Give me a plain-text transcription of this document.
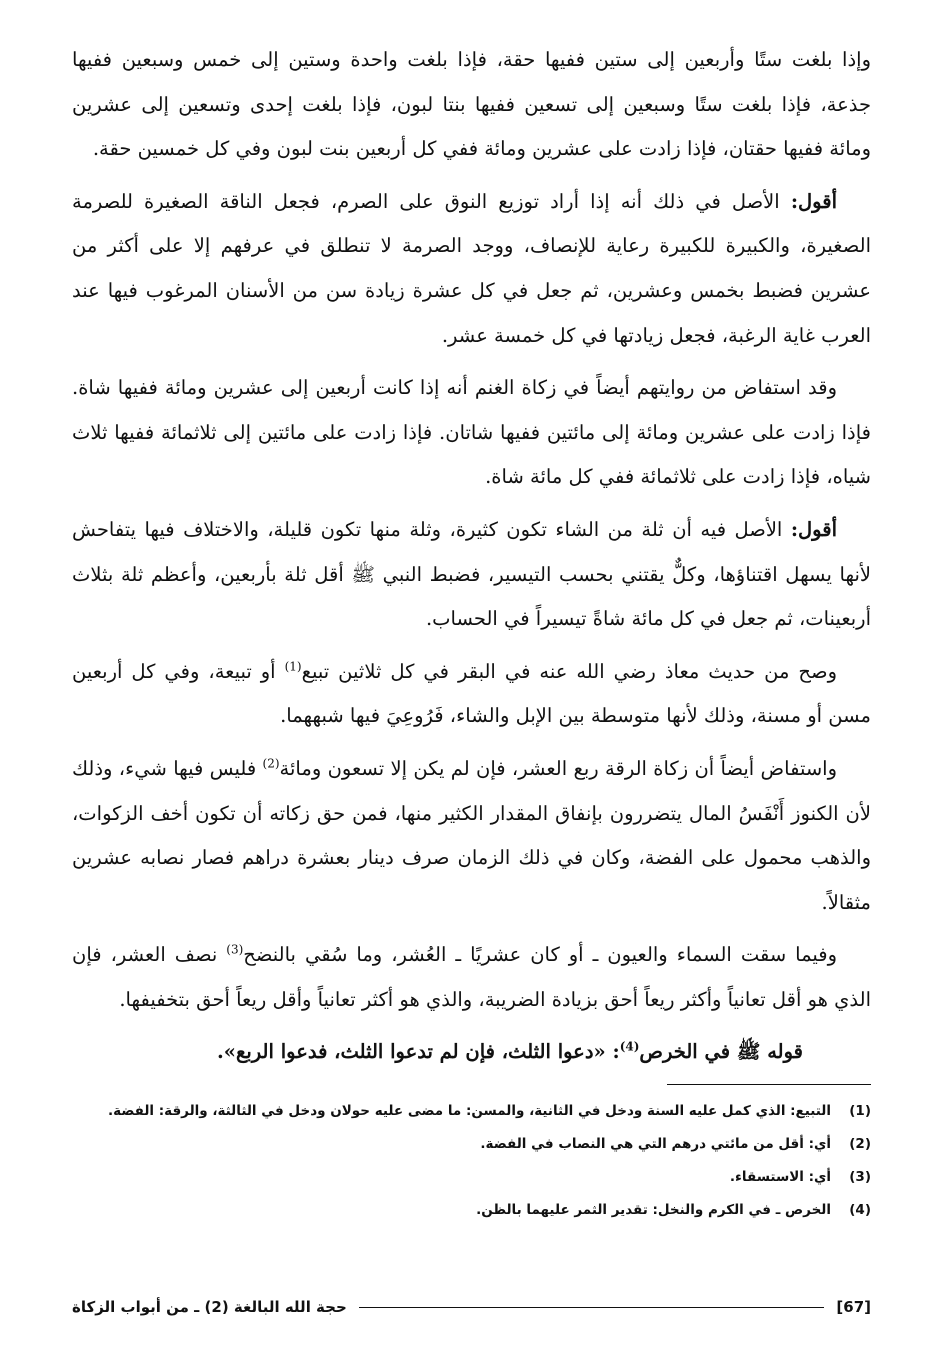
وإذا بلغت ستًا وأربعين إلى ستين ففيها حقة، فإذا بلغت واحدة وستين إلى خمس وسبعين ففيها جذعة، فإذا بلغت ستًا وسبعين إلى تسعين ففيها بنتا لبون، فإذا بلغت إحدى وتسعين إلى عشرين ومائة ففيها حقتان، فإذا زادت على عشرين ومائة ففي كل أربعين بنت لبون وفي كل خمسين حقة.

أقول: الأصل في ذلك أنه إذا أراد توزيع النوق على الصرم، فجعل الناقة الصغيرة للصرمة الصغيرة، والكبيرة للكبيرة رعاية للإنصاف، ووجد الصرمة لا تنطلق في عرفهم إلا على أكثر من عشرين فضبط بخمس وعشرين، ثم جعل في كل عشرة زيادة سن من الأسنان المرغوب فيها عند العرب غاية الرغبة، فجعل زيادتها في كل خمسة عشر.

وقد استفاض من روايتهم أيضاً في زكاة الغنم أنه إذا كانت أربعين إلى عشرين ومائة ففيها شاة. فإذا زادت على عشرين ومائة إلى مائتين ففيها شاتان. فإذا زادت على مائتين إلى ثلاثمائة ففيها ثلاث شياه، فإذا زادت على ثلاثمائة ففي كل مائة شاة.

أقول: الأصل فيه أن ثلة من الشاء تكون كثيرة، وثلة منها تكون قليلة، والاختلاف فيها يتفاحش لأنها يسهل اقتناؤها، وكلٌّ يقتني بحسب التيسير، فضبط النبي ﷺ أقل ثلة بأربعين، وأعظم ثلة بثلاث أربعينات، ثم جعل في كل مائة شاةً تيسيراً في الحساب.

وصح من حديث معاذ رضي الله عنه في البقر في كل ثلاثين تبيع$^{(1)}$ أو تبيعة، وفي كل أربعين مسن أو مسنة، وذلك لأنها متوسطة بين الإبل والشاء، فَرُوعِيَ فيها شبههما.

واستفاض أيضاً أن زكاة الرقة ربع العشر، فإن لم يكن إلا تسعون ومائة$^{(2)}$ فليس فيها شيء، وذلك لأن الكنوز أَنْفَسُ المال يتضررون بإنفاق المقدار الكثير منها، فمن حق زكاته أن تكون أخف الزكوات، والذهب محمول على الفضة، وكان في ذلك الزمان صرف دينار بعشرة دراهم فصار نصابه عشرين مثقالاً.

وفيما سقت السماء والعيون ـ أو كان عشريًا ـ العُشر، وما سُقي بالنضح$^{(3)}$ نصف العشر، فإن الذي هو أقل تعانياً وأكثر ريعاً أحق بزيادة الضريبة، والذي هو أكثر تعانياً وأقل ريعاً أحق بتخفيفها.

قوله ﷺ في الخرص$^{(4)}$: «دعوا الثلث، فإن لم تدعوا الثلث، فدعوا الربع».

(1)
التبيع: الذي كمل عليه السنة ودخل في الثانية، والمسن: ما مضى عليه حولان ودخل في الثالثة، والرقة: الفضة.
(2)
أي: أقل من مائتي درهم التي هي النصاب في الفضة.
(3)
أي: الاستسقاء.
(4)
الخرص ـ في الكرم والنخل: تقدير الثمر عليهما بالظن.
[67]
حجة الله البالغة (2) ـ من أبواب الزكاة
